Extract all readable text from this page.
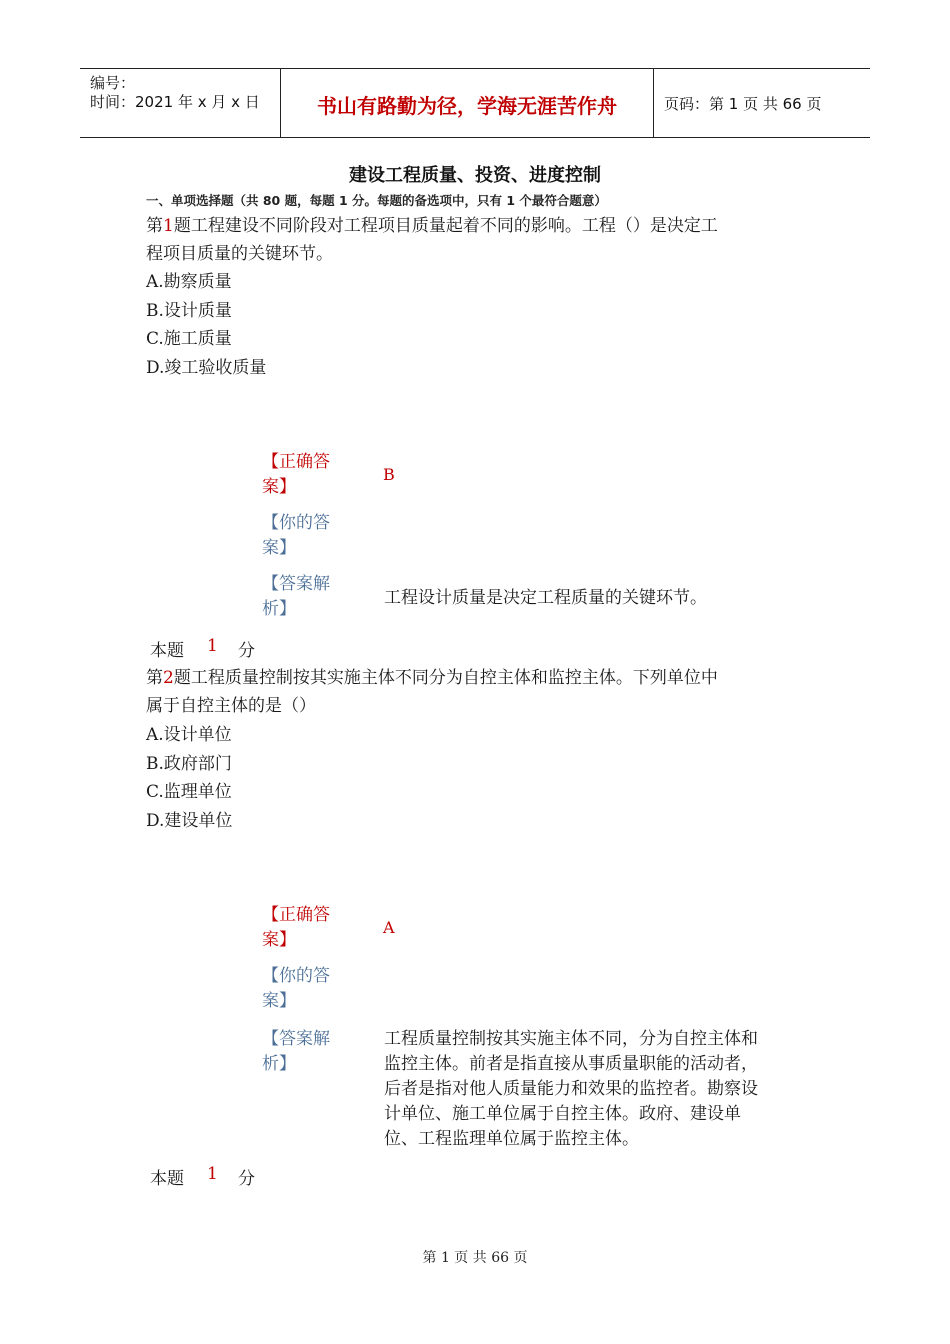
编号：
时间：2021 年 x 月 x 日	书山有路勤为径，学海无涯苦作舟	页码：第 1 页 共 66 页
建设工程质量、投资、进度控制
一、单项选择题（共 80 题，每题 1 分。每题的备选项中，只有 1 个最符合题意）
第1题工程建设不同阶段对工程项目质量起着不同的影响。工程（）是决定工
程项目质量的关键环节。
A.勘察质量
B.设计质量
C.施工质量
D.竣工验收质量
【正确答
案】
B
【你的答
案】
【答案解
析】
工程设计质量是决定工程质量的关键环节。
本题 1 分
第2题工程质量控制按其实施主体不同分为自控主体和监控主体。下列单位中
属于自控主体的是（）
A.设计单位
B.政府部门
C.监理单位
D.建设单位
【正确答
案】
A
【你的答
案】
【答案解
析】
工程质量控制按其实施主体不同，分为自控主体和
监控主体。前者是指直接从事质量职能的活动者，
后者是指对他人质量能力和效果的监控者。勘察设
计单位、施工单位属于自控主体。政府、建设单
位、工程监理单位属于监控主体。
本题 1 分
第 1 页 共 66 页
